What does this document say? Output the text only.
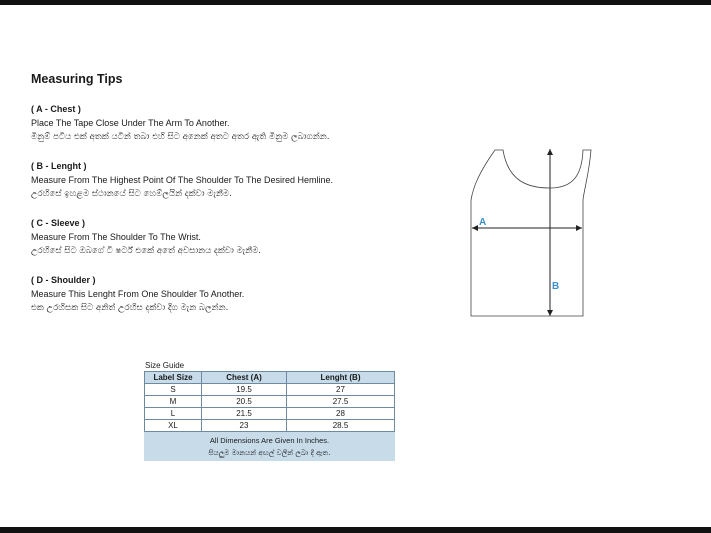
Measuring Tips
( A - Chest )
Place The Tape Close Under The Arm To Another.
මිනුම් පටිය එක් අතක් යටින් තබා එහි සිට අනෙක් අතට අතර ඇති මිනුම ලබාගන්න.
( B - Lenght )
Measure From The Highest Point Of The Shoulder To The Desired Hemline.
උරහිසේ ඉහළම ස්ථානයේ සිට හෙම්ලයින් දක්වා මැනීම.
( C - Sleeve )
Measure From The Shoulder To The Wrist.
උරහිසේ සිට ඔබගේ ටී ෂර්ට් එකේ අතේ අවසානය දක්වා මැනීම.
( D - Shoulder )
Measure This Lenght From One Shoulder To Another.
එක උරහිසක සිට අනිත් උරහිස දක්වා දිග මැන බලන්න.
A
B
Size Guide
Label Size	Chest (A)	Lenght (B)
S	19.5	27
M	20.5	27.5
L	21.5	28
XL	23	28.5
All Dimensions Are Given In Inches.
සියලුම මානයන් අඟල් වලින් ලබා දී ඇත.
